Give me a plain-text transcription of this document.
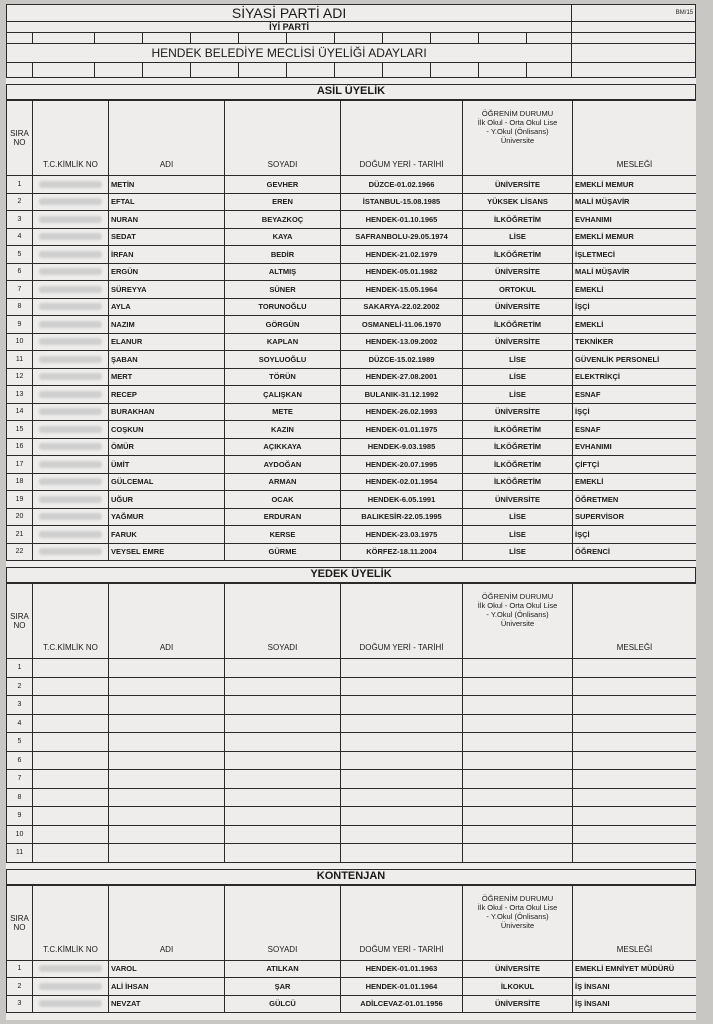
SİYASİ PARTİ ADI												BM/15
İYİ PARTİ												

HENDEK BELEDİYE MECLİSİ ÜYELİĞİ ADAYLARI												

ASİL ÜYELİK
SIRA NO	T.C.KİMLİK NO	ADI	SOYADI	DOĞUM YERİ - TARİHİ	ÖĞRENİM DURUMU
İlk Okul - Orta Okul Lise
- Y.Okul (Önlisans)
Üniversite	MESLEĞİ
1		METİN	GEVHER	DÜZCE-01.02.1966	ÜNİVERSİTE	EMEKLİ MEMUR
2		EFTAL	EREN	İSTANBUL-15.08.1985	YÜKSEK LİSANS	MALİ MÜŞAVİR
3		NURAN	BEYAZKOÇ	HENDEK-01.10.1965	İLKÖĞRETİM	EVHANIMI
4		SEDAT	KAYA	SAFRANBOLU-29.05.1974	LİSE	EMEKLİ MEMUR
5		İRFAN	BEDİR	HENDEK-21.02.1979	İLKÖĞRETİM	İŞLETMECİ
6		ERGÜN	ALTMIŞ	HENDEK-05.01.1982	ÜNİVERSİTE	MALİ MÜŞAVİR
7		SÜREYYA	SÜNER	HENDEK-15.05.1964	ORTOKUL	EMEKLİ
8		AYLA	TORUNOĞLU	SAKARYA-22.02.2002	ÜNİVERSİTE	İŞÇİ
9		NAZIM	GÖRGÜN	OSMANELİ-11.06.1970	İLKÖĞRETİM	EMEKLİ
10		ELANUR	KAPLAN	HENDEK-13.09.2002	ÜNİVERSİTE	TEKNİKER
11		ŞABAN	SOYLUOĞLU	DÜZCE-15.02.1989	LİSE	GÜVENLİK PERSONELİ
12		MERT	TÖRÜN	HENDEK-27.08.2001	LİSE	ELEKTRİKÇİ
13		RECEP	ÇALIŞKAN	BULANIK-31.12.1992	LİSE	ESNAF
14		BURAKHAN	METE	HENDEK-26.02.1993	ÜNİVERSİTE	İŞÇİ
15		COŞKUN	KAZIN	HENDEK-01.01.1975	İLKÖĞRETİM	ESNAF
16		ÖMÜR	AÇIKKAYA	HENDEK-9.03.1985	İLKÖĞRETİM	EVHANIMI
17		ÜMİT	AYDOĞAN	HENDEK-20.07.1995	İLKÖĞRETİM	ÇİFTÇİ
18		GÜLCEMAL	ARMAN	HENDEK-02.01.1954	İLKÖĞRETİM	EMEKLİ
19		UĞUR	OCAK	HENDEK-6.05.1991	ÜNİVERSİTE	ÖĞRETMEN
20		YAĞMUR	ERDURAN	BALIKESİR-22.05.1995	LİSE	SUPERVİSOR
21		FARUK	KERSE	HENDEK-23.03.1975	LİSE	İŞÇİ
22		VEYSEL EMRE	GÜRME	KÖRFEZ-18.11.2004	LİSE	ÖĞRENCİ
YEDEK ÜYELİK
SIRA NO	T.C.KİMLİK NO	ADI	SOYADI	DOĞUM YERİ - TARİHİ	ÖĞRENİM DURUMU
İlk Okul - Orta Okul Lise
- Y.Okul (Önlisans)
Üniversite	MESLEĞİ
1						
2						
3						
4						
5						
6						
7						
8						
9						
10						
11						
KONTENJAN
SIRA NO	T.C.KİMLİK NO	ADI	SOYADI	DOĞUM YERİ - TARİHİ	ÖĞRENİM DURUMU
İlk Okul - Orta Okul Lise
- Y.Okul (Önlisans)
Üniversite	MESLEĞİ
1		VAROL	ATILKAN	HENDEK-01.01.1963	ÜNİVERSİTE	EMEKLİ EMNİYET MÜDÜRÜ
2		ALİ İHSAN	ŞAR	HENDEK-01.01.1964	İLKOKUL	İŞ İNSANI
3		NEVZAT	GÜLCÜ	ADİLCEVAZ-01.01.1956	ÜNİVERSİTE	İŞ İNSANI
